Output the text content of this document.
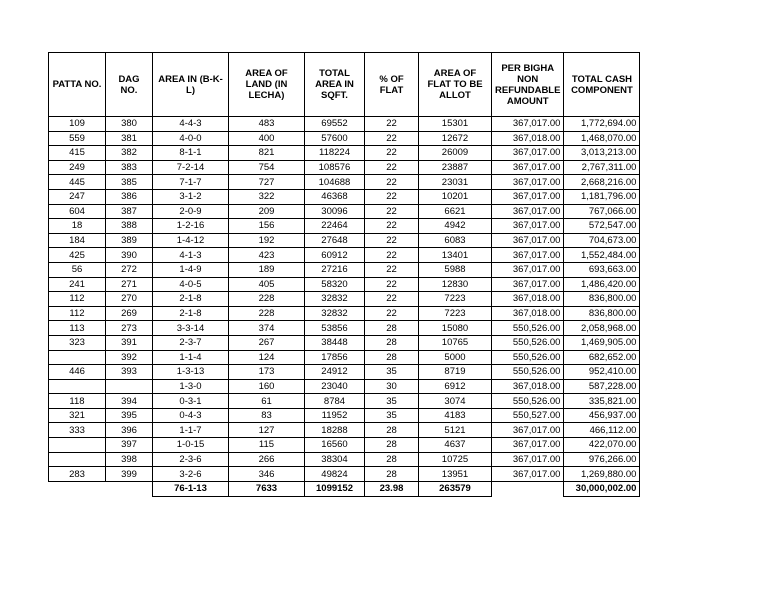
PATTA NO.	DAG NO.	AREA IN (B-K-L)	AREA OF LAND (IN LECHA)	TOTAL AREA IN SQFT.	% OF FLAT	AREA OF FLAT TO BE ALLOT	PER BIGHA NON REFUNDABLE AMOUNT	TOTAL CASH COMPONENT
109	380	4-4-3	483	69552	22	15301	367,017.00	1,772,694.00
559	381	4-0-0	400	57600	22	12672	367,018.00	1,468,070.00
415	382	8-1-1	821	118224	22	26009	367,017.00	3,013,213.00
249	383	7-2-14	754	108576	22	23887	367,017.00	2,767,311.00
445	385	7-1-7	727	104688	22	23031	367,017.00	2,668,216.00
247	386	3-1-2	322	46368	22	10201	367,017.00	1,181,796.00
604	387	2-0-9	209	30096	22	6621	367,017.00	767,066.00
18	388	1-2-16	156	22464	22	4942	367,017.00	572,547.00
184	389	1-4-12	192	27648	22	6083	367,017.00	704,673.00
425	390	4-1-3	423	60912	22	13401	367,017.00	1,552,484.00
56	272	1-4-9	189	27216	22	5988	367,017.00	693,663.00
241	271	4-0-5	405	58320	22	12830	367,017.00	1,486,420.00
112	270	2-1-8	228	32832	22	7223	367,018.00	836,800.00
112	269	2-1-8	228	32832	22	7223	367,018.00	836,800.00
113	273	3-3-14	374	53856	28	15080	550,526.00	2,058,968.00
323	391	2-3-7	267	38448	28	10765	550,526.00	1,469,905.00
	392	1-1-4	124	17856	28	5000	550,526.00	682,652.00
446	393	1-3-13	173	24912	35	8719	550,526.00	952,410.00
		1-3-0	160	23040	30	6912	367,018.00	587,228.00
118	394	0-3-1	61	8784	35	3074	550,526.00	335,821.00
321	395	0-4-3	83	11952	35	4183	550,527.00	456,937.00
333	396	1-1-7	127	18288	28	5121	367,017.00	466,112.00
	397	1-0-15	115	16560	28	4637	367,017.00	422,070.00
	398	2-3-6	266	38304	28	10725	367,017.00	976,266.00
283	399	3-2-6	346	49824	28	13951	367,017.00	1,269,880.00
		76-1-13	7633	1099152	23.98	263579		30,000,002.00
